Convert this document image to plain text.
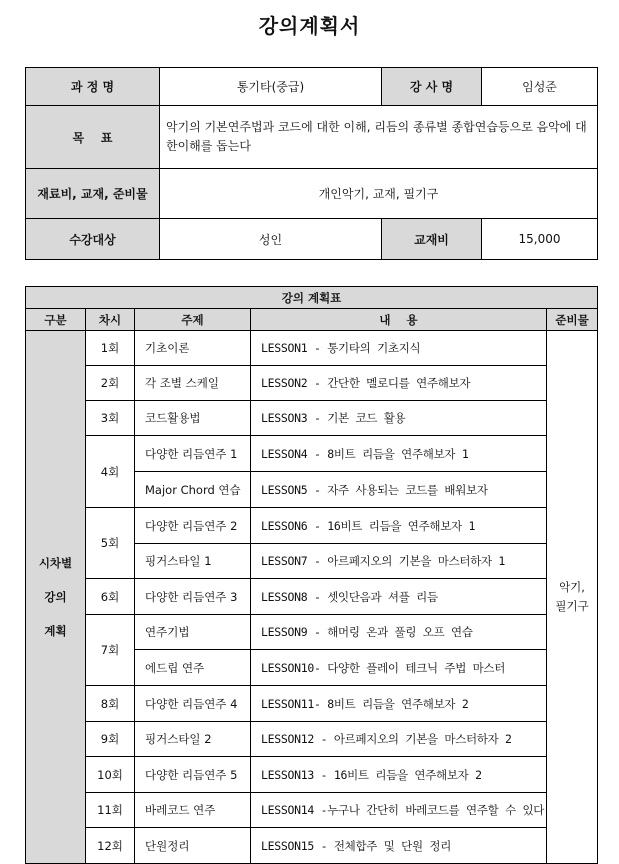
강의계획서
과 정 명	통기타(중급)	강 사 명	임성준
목    표	악기의 기본연주법과 코드에 대한 이해, 리듬의 종류별 종합연습등으로 음악에 대한이해를 돕는다		
재료비, 교재, 준비물	개인악기, 교재, 필기구		
수강대상	성인	교재비	15,000
강의 계획표				
구분	차시	주제	내    용	준비물

시차별
강의
계획	1회	기초이론	LESSON1 - 통기타의 기초지식	악기, 필기구
	2회	각 조별 스케일	LESSON2 - 간단한 멜로디를 연주해보자	
	3회	코드활용법	LESSON3 - 기본 코드 활용	
	4회	다양한 리듬연주 1	LESSON4 - 8비트 리듬을 연주해보자 1	
		Major Chord 연습	LESSON5 - 자주 사용되는 코드를 배워보자	
	5회	다양한 리듬연주 2	LESSON6 - 16비트 리듬을 연주해보자 1	
		핑거스타일 1	LESSON7 - 아르페지오의 기본을 마스터하자 1	
	6회	다양한 리듬연주 3	LESSON8 - 셋잇단음과 셔플 리듬	
	7회	연주기법	LESSON9 - 해머링 온과 풀링 오프 연습	
		에드립 연주	LESSON10- 다양한 플레이 테크닉 주법 마스터	
	8회	다양한 리듬연주 4	LESSON11- 8비트 리듬을 연주해보자 2	
	9회	핑거스타일 2	LESSON12 - 아르페지오의 기본을 마스터하자 2	
	10회	다양한 리듬연주 5	LESSON13 - 16비트 리듬을 연주해보자 2	
	11회	바레코드 연주	LESSON14 -누구나 간단히 바레코드를 연주할 수 있다	
	12회	단원정리	LESSON15 - 전체합주 및 단원 정리	
